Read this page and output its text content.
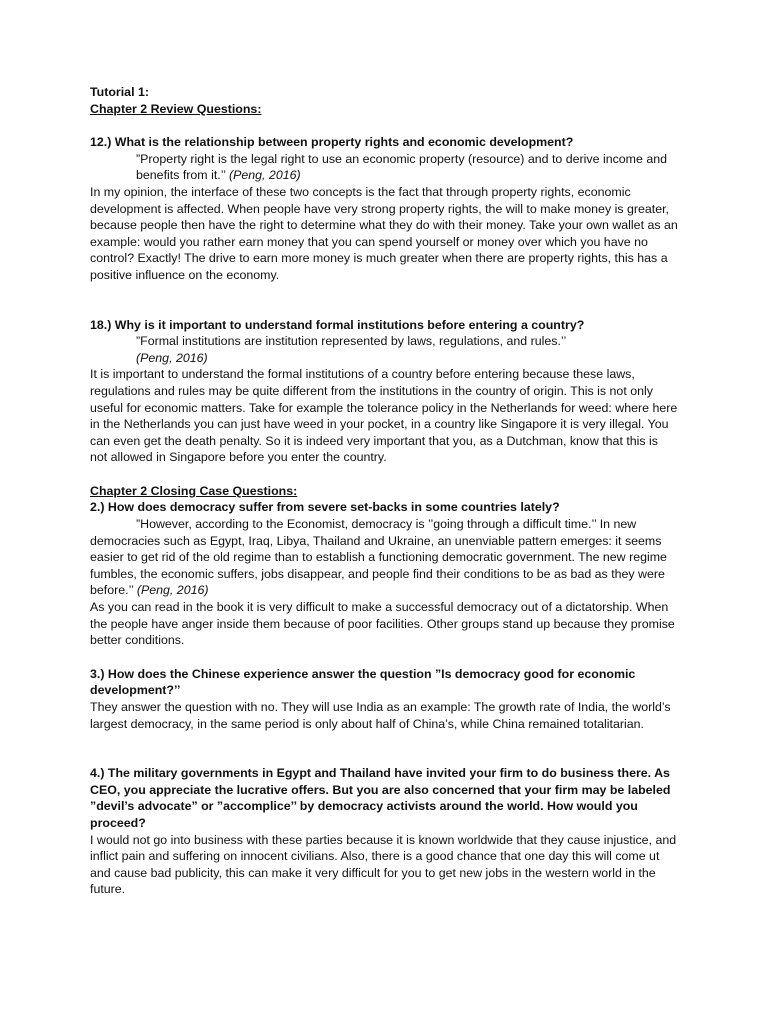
Tutorial 1:

Chapter 2 Review Questions:

12.) What is the relationship between property rights and economic development?

”Property right is the legal right to use an economic property (resource) and to derive income and benefits from it.’’ (Peng, 2016)

In my opinion, the interface of these two concepts is the fact that through property rights, economic development is affected. When people have very strong property rights, the will to make money is greater, because people then have the right to determine what they do with their money. Take your own wallet as an example: would you rather earn money that you can spend yourself or money over which you have no control? Exactly! The drive to earn more money is much greater when there are property rights, this has a positive influence on the economy.

18.) Why is it important to understand formal institutions before entering a country?

”Formal institutions are institution represented by laws, regulations, and rules.’’

(Peng, 2016)

It is important to understand the formal institutions of a country before entering because these laws, regulations and rules may be quite different from the institutions in the country of origin. This is not only useful for economic matters. Take for example the tolerance policy in the Netherlands for weed: where here in the Netherlands you can just have weed in your pocket, in a country like Singapore it is very illegal. You can even get the death penalty. So it is indeed very important that you, as a Dutchman, know that this is not allowed in Singapore before you enter the country.

Chapter 2 Closing Case Questions:

2.) How does democracy suffer from severe set-backs in some countries lately?

”However, according to the Economist, democracy is ’’going through a difficult time.’’ In new democracies such as Egypt, Iraq, Libya, Thailand and Ukraine, an unenviable pattern emerges: it seems easier to get rid of the old regime than to establish a functioning democratic government. The new regime fumbles, the economic suffers, jobs disappear, and people find their conditions to be as bad as they were before.’’ (Peng, 2016)

As you can read in the book it is very difficult to make a successful democracy out of a dictatorship. When the people have anger inside them because of poor facilities. Other groups stand up because they promise better conditions.

3.) How does the Chinese experience answer the question ”Is democracy good for economic development?’’

They answer the question with no. They will use India as an example: The growth rate of India, the world’s largest democracy, in the same period is only about half of China’s, while China remained totalitarian.

4.) The military governments in Egypt and Thailand have invited your firm to do business there. As CEO, you appreciate the lucrative offers. But you are also concerned that your firm may be labeled ”devil’s advocate” or ”accomplice’’ by democracy activists around the world. How would you proceed?

I would not go into business with these parties because it is known worldwide that they cause injustice, and inflict pain and suffering on innocent civilians. Also, there is a good chance that one day this will come ut and cause bad publicity, this can make it very difficult for you to get new jobs in the western world in the future.
